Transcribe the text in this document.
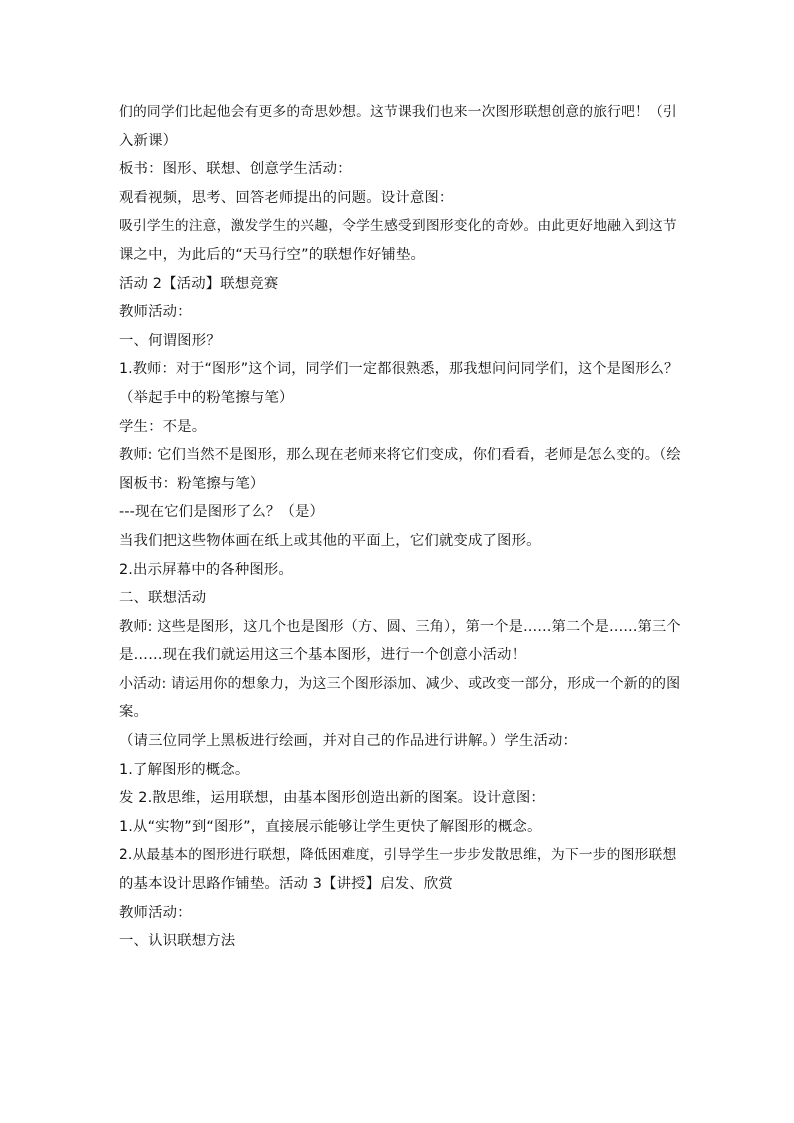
们的同学们比起他会有更多的奇思妙想。这节课我们也来一次图形联想创意的旅行吧！（引
入新课）
板书：图形、联想、创意学生活动：
观看视频，思考、回答老师提出的问题。设计意图：
吸引学生的注意，激发学生的兴趣，令学生感受到图形变化的奇妙。由此更好地融入到这节
课之中，为此后的“天马行空”的联想作好铺垫。
活动 2【活动】联想竞赛
教师活动：
一、何谓图形？
1.教师：对于“图形”这个词，同学们一定都很熟悉，那我想问问同学们，这个是图形么？
（举起手中的粉笔擦与笔）
学生：不是。
教师: 它们当然不是图形，那么现在老师来将它们变成，你们看看，老师是怎么变的。（绘
图板书：粉笔擦与笔）
---现在它们是图形了么？（是）
当我们把这些物体画在纸上或其他的平面上，它们就变成了图形。
2.出示屏幕中的各种图形。
二、联想活动
教师: 这些是图形，这几个也是图形（方、圆、三角），第一个是……第二个是……第三个
是……现在我们就运用这三个基本图形，进行一个创意小活动！
小活动: 请运用你的想象力，为这三个图形添加、减少、或改变一部分，形成一个新的的图
案。
（请三位同学上黑板进行绘画，并对自己的作品进行讲解。）学生活动：
1.了解图形的概念。
发 2.散思维，运用联想，由基本图形创造出新的图案。设计意图：
1.从“实物”到“图形”，直接展示能够让学生更快了解图形的概念。
2.从最基本的图形进行联想，降低困难度，引导学生一步步发散思维，为下一步的图形联想
的基本设计思路作铺垫。活动 3【讲授】启发、欣赏
教师活动：
一、认识联想方法
